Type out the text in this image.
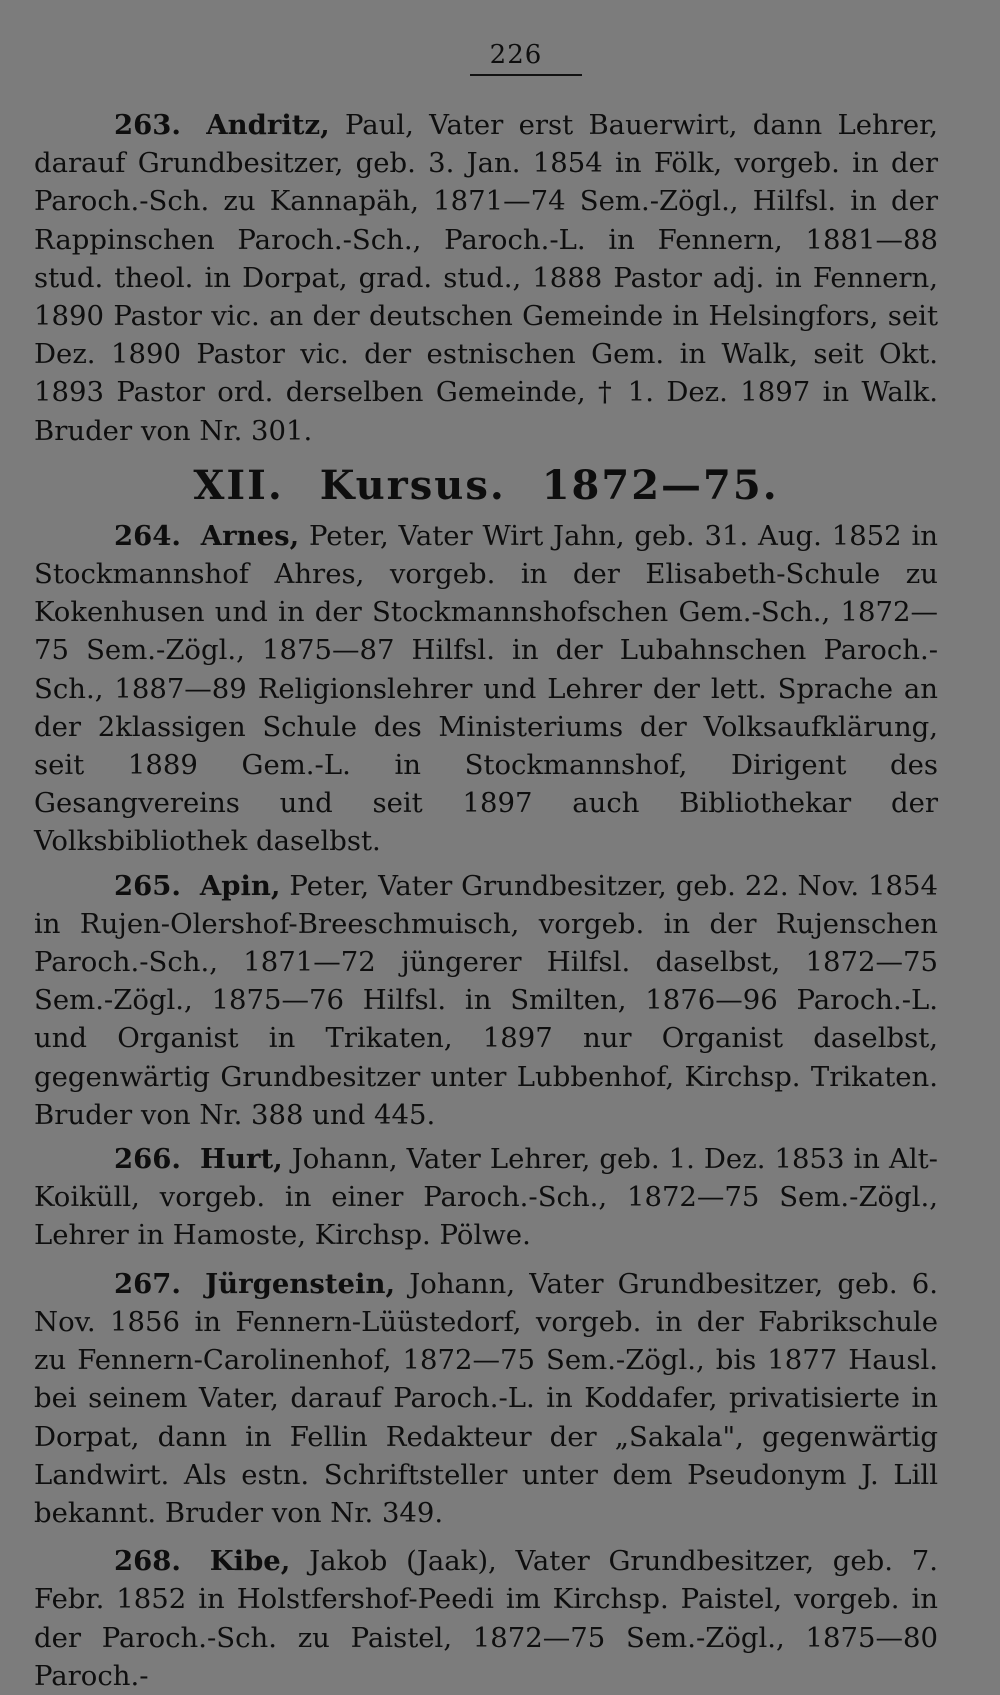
226

263. Andritz, Paul, Vater erst Bauerwirt, dann Lehrer, darauf Grundbesitzer, geb. 3. Jan. 1854 in Fölk, vorgeb. in der Paroch.-Sch. zu Kannapäh, 1871—74 Sem.-Zögl., Hilfsl. in der Rappinschen Paroch.-Sch., Paroch.-L. in Fennern, 1881—88 stud. theol. in Dorpat, grad. stud., 1888 Pastor adj. in Fennern, 1890 Pastor vic. an der deutschen Gemeinde in Helsingfors, seit Dez. 1890 Pastor vic. der estnischen Gem. in Walk, seit Okt. 1893 Pastor ord. derselben Gemeinde, † 1. Dez. 1897 in Walk. Bruder von Nr. 301.

XII. Kursus. 1872—75.

264. Arnes, Peter, Vater Wirt Jahn, geb. 31. Aug. 1852 in Stockmannshof Ahres, vorgeb. in der Elisabeth-Schule zu Kokenhusen und in der Stockmannshofschen Gem.-Sch., 1872—75 Sem.-Zögl., 1875—87 Hilfsl. in der Lubahnschen Paroch.-Sch., 1887—89 Religionslehrer und Lehrer der lett. Sprache an der 2klassigen Schule des Ministeriums der Volksaufklärung, seit 1889 Gem.-L. in Stockmannshof, Dirigent des Gesangvereins und seit 1897 auch Bibliothekar der Volksbibliothek daselbst.

265. Apin, Peter, Vater Grundbesitzer, geb. 22. Nov. 1854 in Rujen-Olershof-Breeschmuisch, vorgeb. in der Rujenschen Paroch.-Sch., 1871—72 jüngerer Hilfsl. daselbst, 1872—75 Sem.-Zögl., 1875—76 Hilfsl. in Smilten, 1876—96 Paroch.-L. und Organist in Trikaten, 1897 nur Organist daselbst, gegenwärtig Grundbesitzer unter Lubbenhof, Kirchsp. Trikaten. Bruder von Nr. 388 und 445.

266. Hurt, Johann, Vater Lehrer, geb. 1. Dez. 1853 in Alt-Koiküll, vorgeb. in einer Paroch.-Sch., 1872—75 Sem.-Zögl., Lehrer in Hamoste, Kirchsp. Pölwe.

267. Jürgenstein, Johann, Vater Grundbesitzer, geb. 6. Nov. 1856 in Fennern-Lüüstedorf, vorgeb. in der Fabrikschule zu Fennern-Carolinenhof, 1872—75 Sem.-Zögl., bis 1877 Hausl. bei seinem Vater, darauf Paroch.-L. in Koddafer, privatisierte in Dorpat, dann in Fellin Redakteur der „Sakala", gegenwärtig Landwirt. Als estn. Schriftsteller unter dem Pseudonym J. Lill bekannt. Bruder von Nr. 349.

268. Kibe, Jakob (Jaak), Vater Grundbesitzer, geb. 7. Febr. 1852 in Holstfershof-Peedi im Kirchsp. Paistel, vorgeb. in der Paroch.-Sch. zu Paistel, 1872—75 Sem.-Zögl., 1875—80 Paroch.-
